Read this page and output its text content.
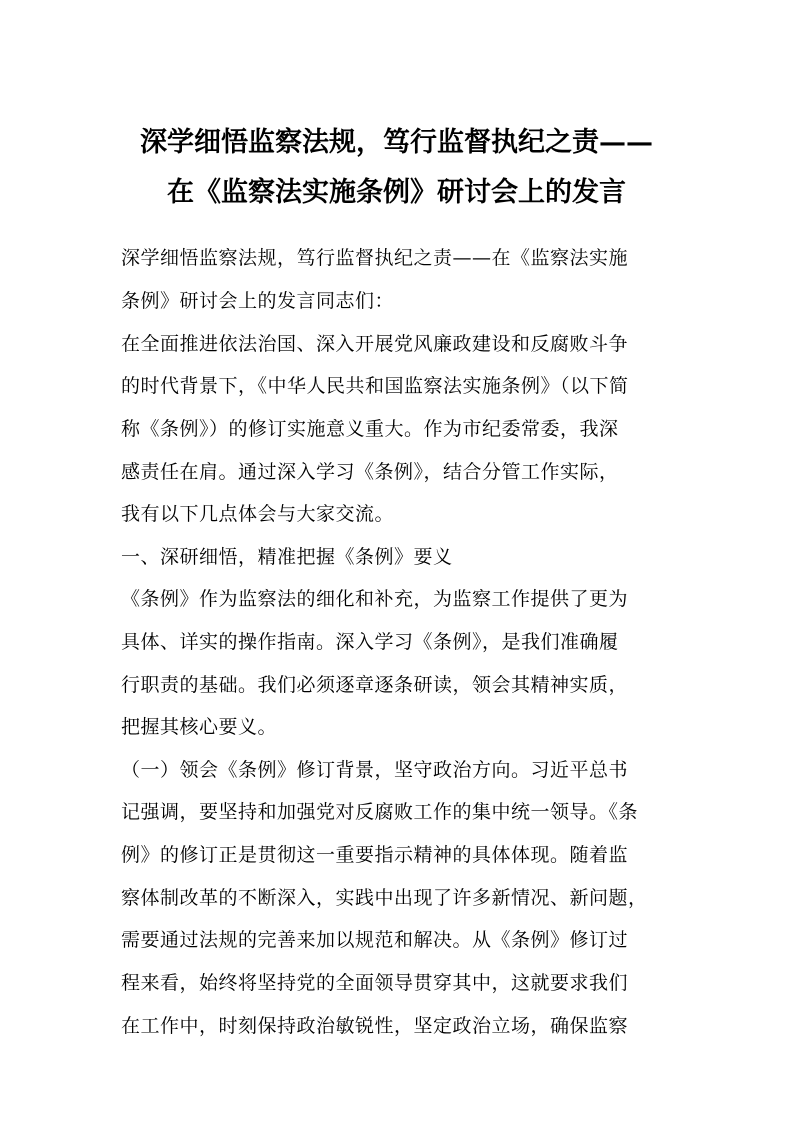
深学细悟监察法规，笃行监督执纪之责——
在《监察法实施条例》研讨会上的发言
深学细悟监察法规，笃行监督执纪之责——在《监察法实施
条例》研讨会上的发言同志们：
在全面推进依法治国、深入开展党风廉政建设和反腐败斗争
的时代背景下，《中华人民共和国监察法实施条例》（以下简
称《条例》）的修订实施意义重大。作为市纪委常委，我深
感责任在肩。通过深入学习《条例》，结合分管工作实际，
我有以下几点体会与大家交流。
一、深研细悟，精准把握《条例》要义
《条例》作为监察法的细化和补充，为监察工作提供了更为
具体、详实的操作指南。深入学习《条例》，是我们准确履
行职责的基础。我们必须逐章逐条研读，领会其精神实质，
把握其核心要义。
（一）领会《条例》修订背景，坚守政治方向。习近平总书
记强调，要坚持和加强党对反腐败工作的集中统一领导。《条
例》的修订正是贯彻这一重要指示精神的具体体现。随着监
察体制改革的不断深入，实践中出现了许多新情况、新问题，
需要通过法规的完善来加以规范和解决。从《条例》修订过
程来看，始终将坚持党的全面领导贯穿其中，这就要求我们
在工作中，时刻保持政治敏锐性，坚定政治立场，确保监察
